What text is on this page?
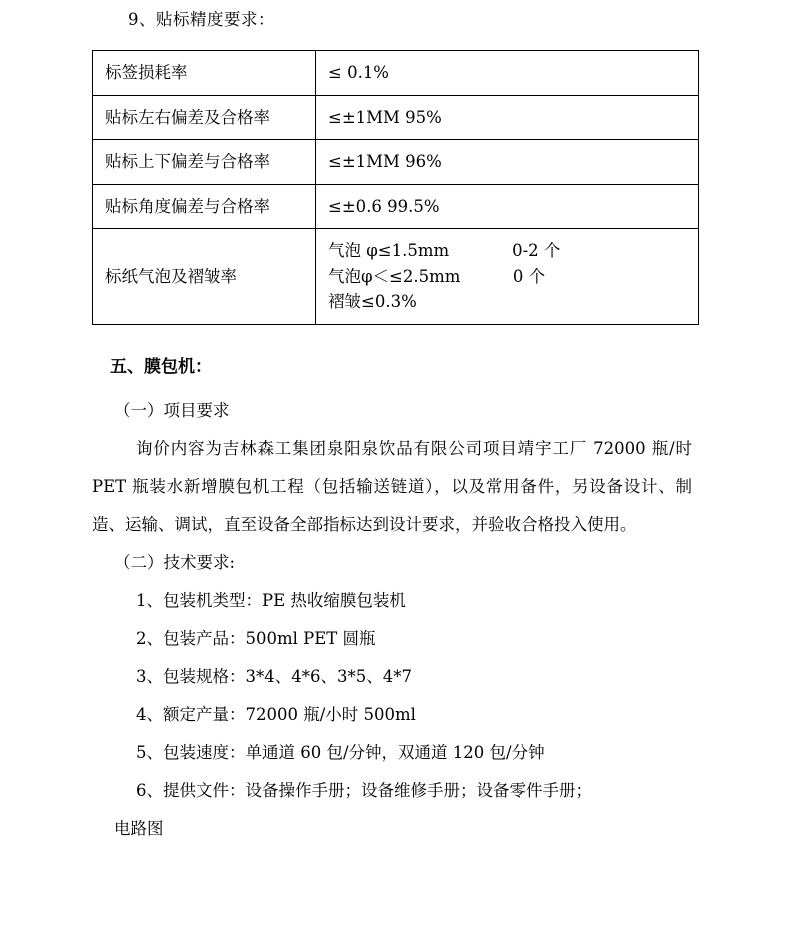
9、贴标精度要求：
标签损耗率	≤ 0.1%
贴标左右偏差及合格率	≤±1MM 95%
贴标上下偏差与合格率	≤±1MM 96%
贴标角度偏差与合格率	≤±0.6 99.5%
标纸气泡及褶皱率	气泡 φ≤1.5mm            0-2 个
气泡φ＜≤2.5mm          0 个
褶皱≤0.3%
五、膜包机：

（一）项目要求

询价内容为吉林森工集团泉阳泉饮品有限公司项目靖宇工厂 72000 瓶/时 PET 瓶装水新增膜包机工程（包括输送链道），以及常用备件，另设备设计、制造、运输、调试，直至设备全部指标达到设计要求，并验收合格投入使用。

（二）技术要求:

1、包装机类型：PE 热收缩膜包装机

2、包装产品：500ml PET 圆瓶

3、包装规格：3*4、4*6、3*5、4*7

4、额定产量：72000 瓶/小时 500ml

5、包装速度：单通道 60 包/分钟，双通道 120 包/分钟

6、提供文件：设备操作手册；设备维修手册；设备零件手册；

电路图
